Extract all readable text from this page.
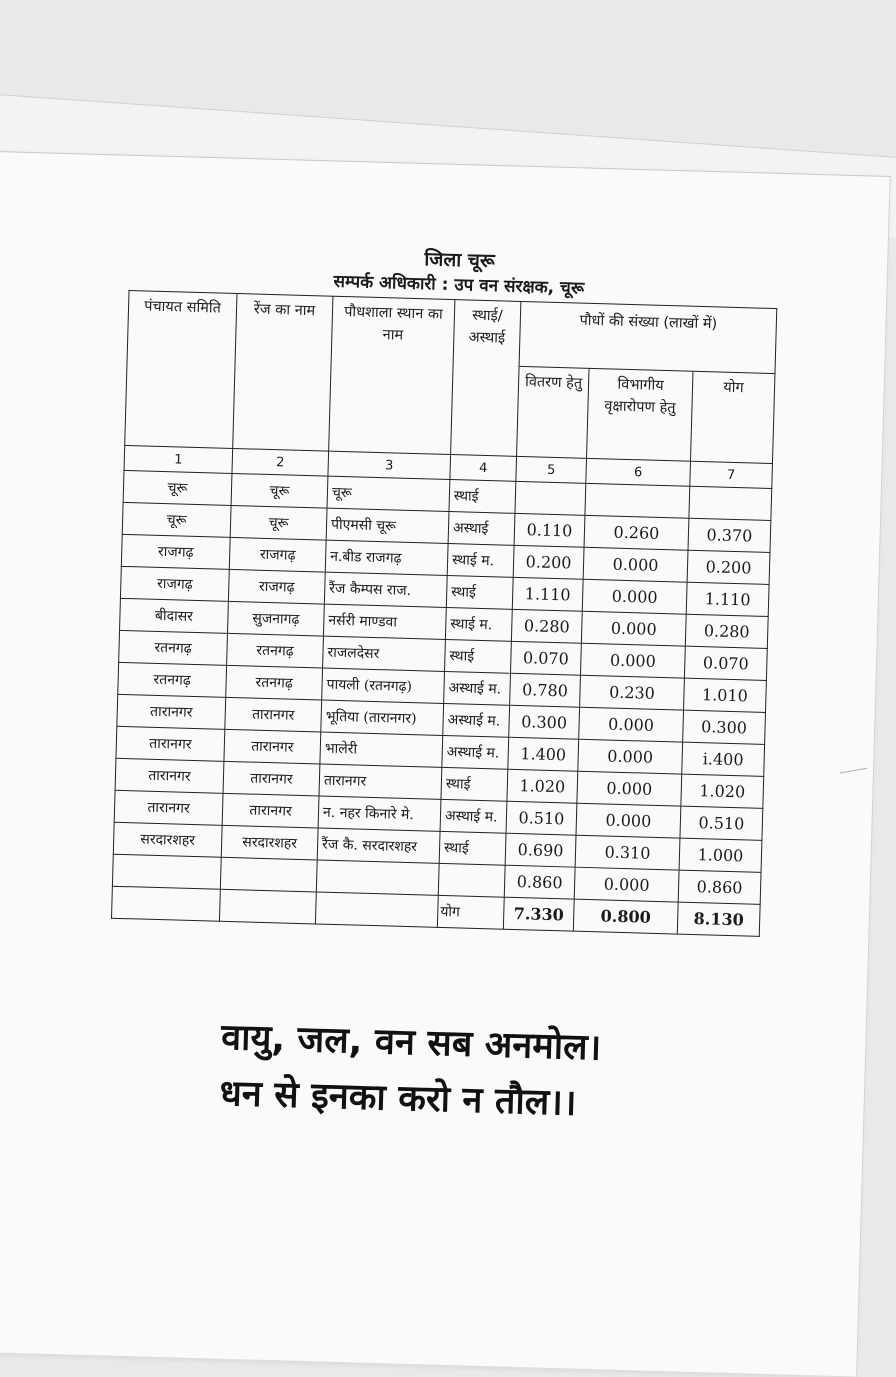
जिला चूरू
सम्पर्क अधिकारी : उप वन संरक्षक, चूरू
पंचायत समिति	रेंज का नाम	पौधशाला स्थान का नाम	स्थाई/ अस्थाई	पौधों की संख्या (लाखों में)		
				वितरण हेतु	विभागीय वृक्षारोपण हेतु	योग
1	2	3	4	5	6	7
चूरू	चूरू	चूरू	स्थाई			
चूरू	चूरू	पीएमसी चूरू	अस्थाई	0.110	0.260	0.370
राजगढ़	राजगढ़	न.बीड राजगढ़	स्थाई म.	0.200	0.000	0.200
राजगढ़	राजगढ़	रैंज कैम्पस राज.	स्थाई	1.110	0.000	1.110
बीदासर	सुजनागढ़	नर्सरी माण्डवा	स्थाई म.	0.280	0.000	0.280
रतनगढ़	रतनगढ़	राजलदेसर	स्थाई	0.070	0.000	0.070
रतनगढ़	रतनगढ़	पायली (रतनगढ़)	अस्थाई म.	0.780	0.230	1.010
तारानगर	तारानगर	भूतिया (तारानगर)	अस्थाई म.	0.300	0.000	0.300
तारानगर	तारानगर	भालेरी	अस्थाई म.	1.400	0.000	i.400
तारानगर	तारानगर	तारानगर	स्थाई	1.020	0.000	1.020
तारानगर	तारानगर	न. नहर किनारे मे.	अस्थाई म.	0.510	0.000	0.510
सरदारशहर	सरदारशहर	रैंज कै. सरदारशहर	स्थाई	0.690	0.310	1.000
				0.860	0.000	0.860
			योग	7.330	0.800	8.130
वायु, जल, वन सब अनमोल।
धन से इनका करो न तौल।।
